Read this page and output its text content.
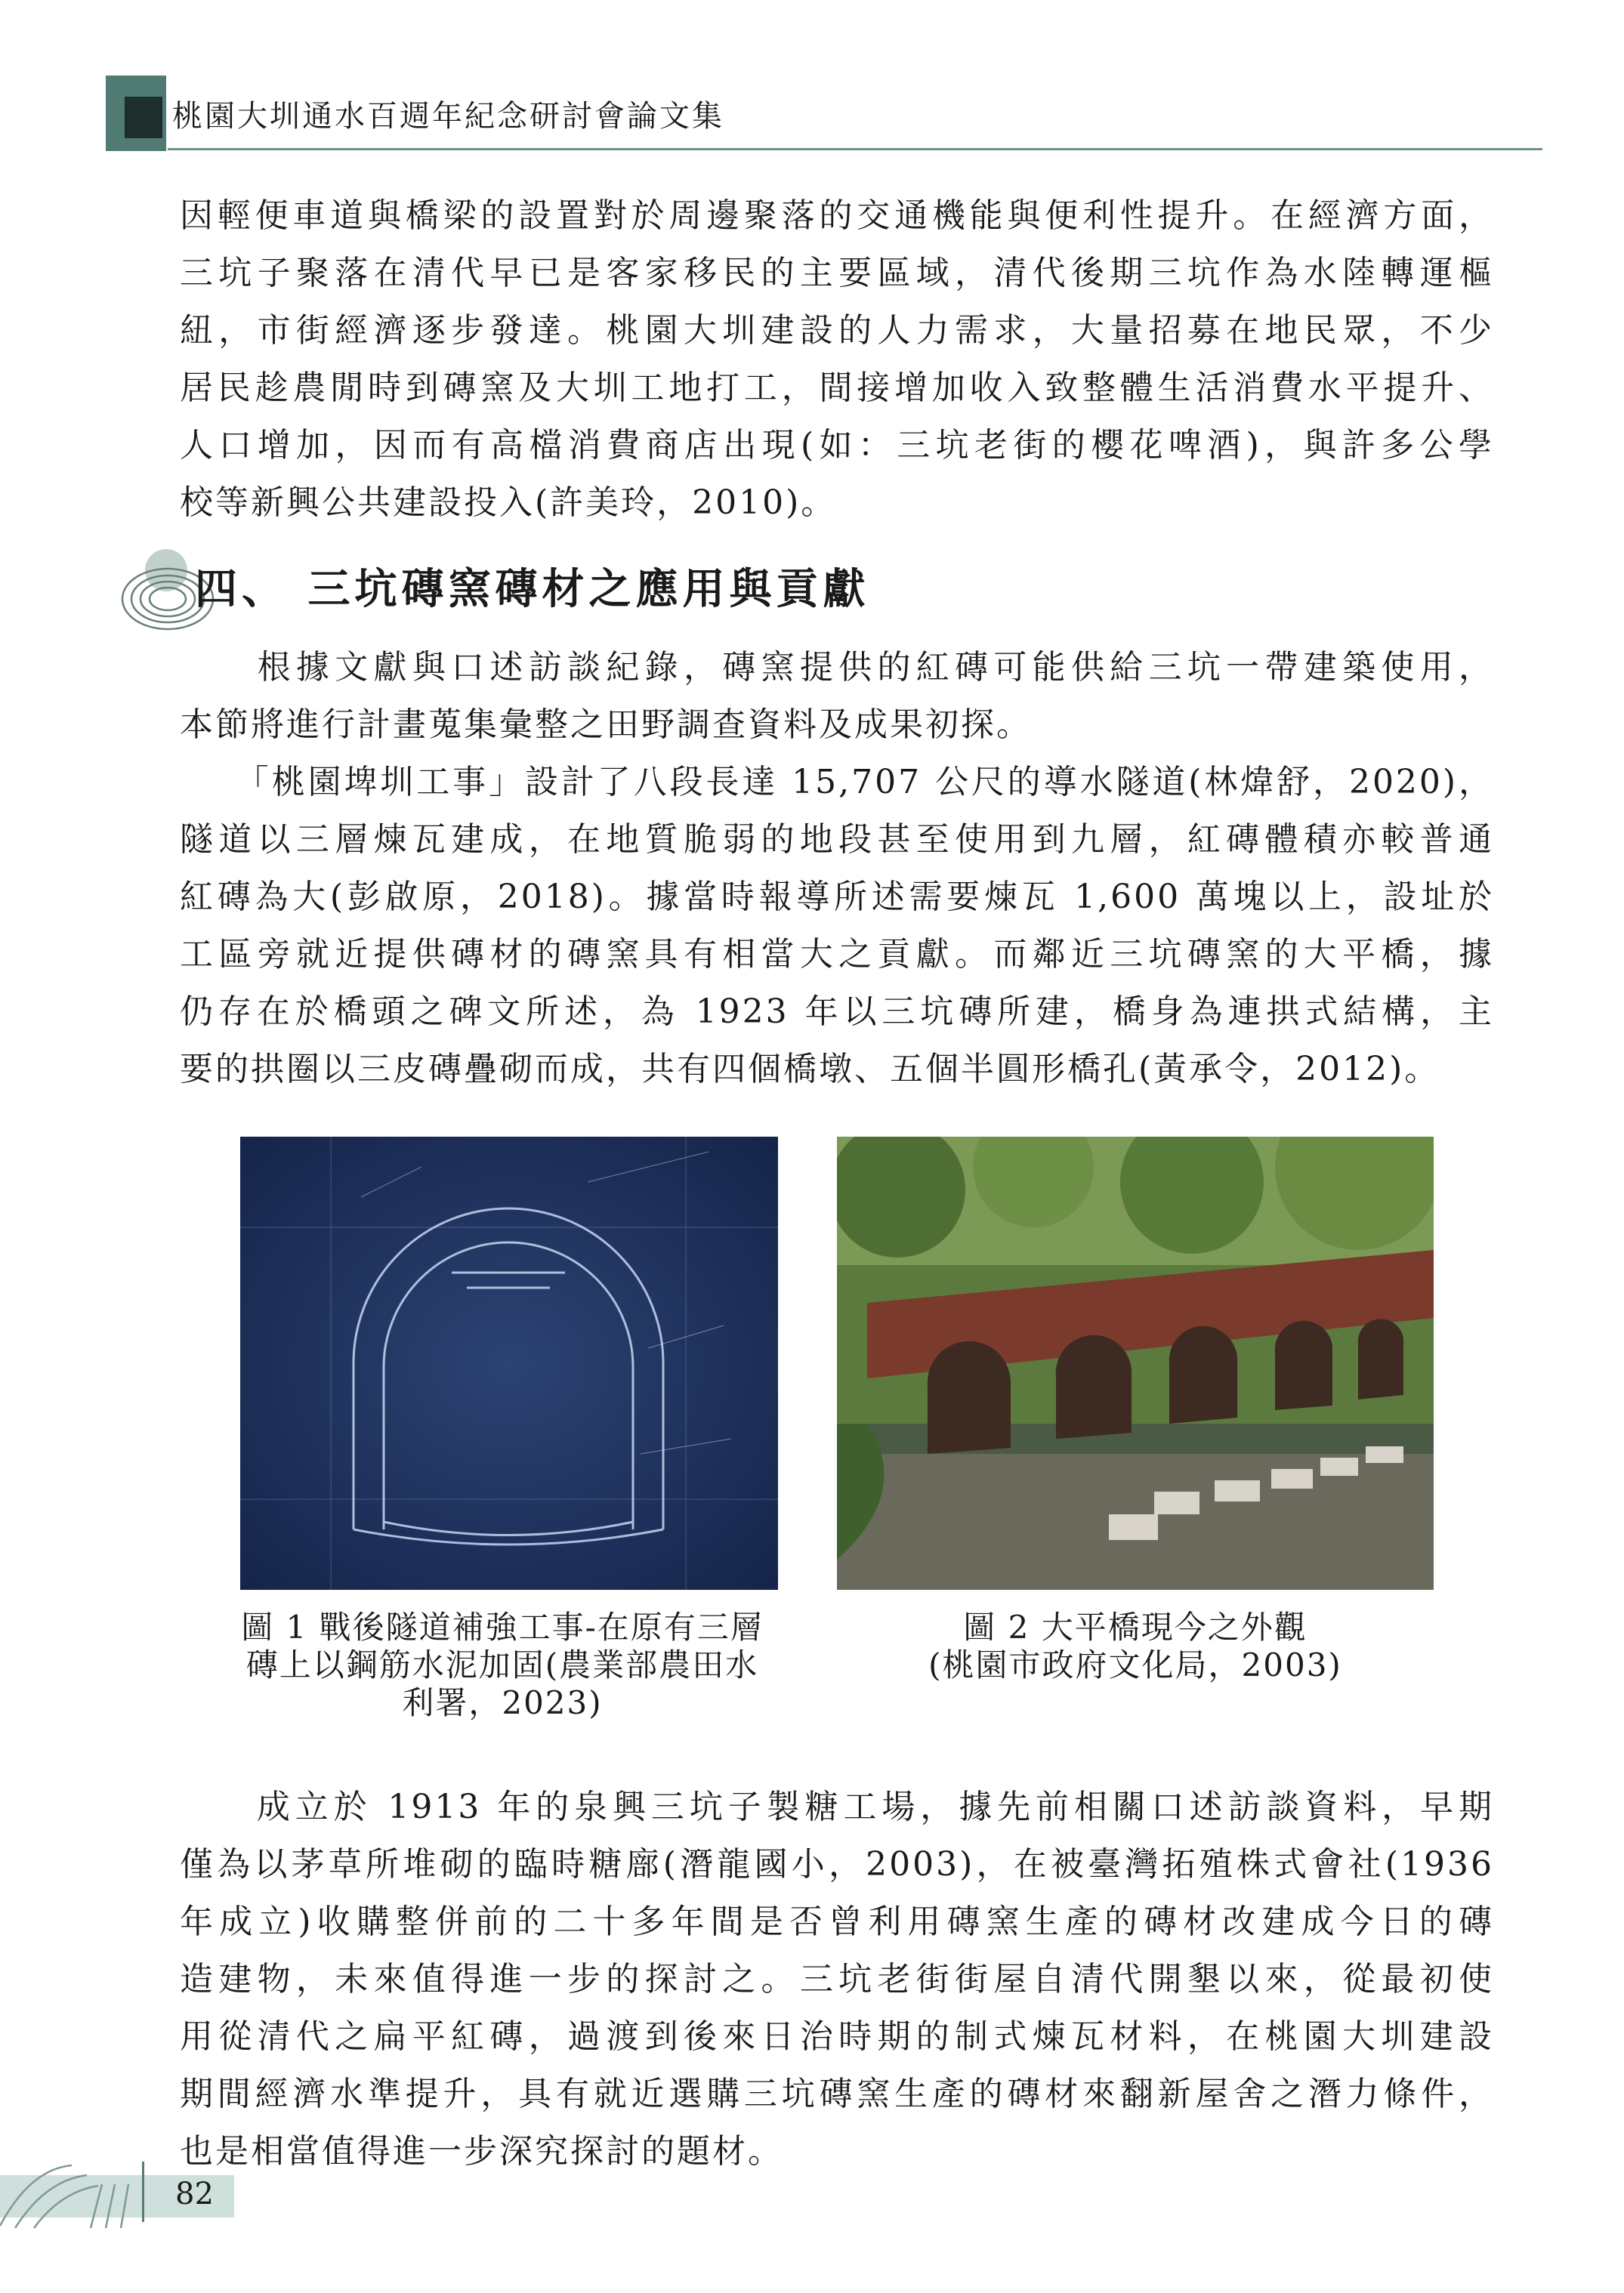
桃園大圳通水百週年紀念研討會論文集
因輕便車道與橋梁的設置對於周邊聚落的交通機能與便利性提升。在經濟方面，
三坑子聚落在清代早已是客家移民的主要區域，清代後期三坑作為水陸轉運樞
紐，市街經濟逐步發達。桃園大圳建設的人力需求，大量招募在地民眾，不少
居民趁農閒時到磚窯及大圳工地打工，間接增加收入致整體生活消費水平提升、
人口增加，因而有高檔消費商店出現(如：三坑老街的櫻花啤酒)，與許多公學
校等新興公共建設投入(許美玲，2010)。
四、 三坑磚窯磚材之應用與貢獻
　　根據文獻與口述訪談紀錄，磚窯提供的紅磚可能供給三坑一帶建築使用，
本節將進行計畫蒐集彙整之田野調查資料及成果初探。
　　「桃園埤圳工事」設計了八段長達 15,707 公尺的導水隧道(林煒舒，2020)，
隧道以三層煉瓦建成，在地質脆弱的地段甚至使用到九層，紅磚體積亦較普通
紅磚為大(彭啟原，2018)。據當時報導所述需要煉瓦 1,600 萬塊以上，設址於
工區旁就近提供磚材的磚窯具有相當大之貢獻。而鄰近三坑磚窯的大平橋，據
仍存在於橋頭之碑文所述，為 1923 年以三坑磚所建，橋身為連拱式結構，主
要的拱圈以三皮磚疊砌而成，共有四個橋墩、五個半圓形橋孔(黃承令，2012)。
圖 1 戰後隧道補強工事-在原有三層
磚上以鋼筋水泥加固(農業部農田水
利署，2023)
圖 2 大平橋現今之外觀
(桃園市政府文化局，2003)
　　成立於 1913 年的泉興三坑子製糖工場，據先前相關口述訪談資料，早期
僅為以茅草所堆砌的臨時糖廍(潛龍國小，2003)，在被臺灣拓殖株式會社(1936
年成立)收購整併前的二十多年間是否曾利用磚窯生產的磚材改建成今日的磚
造建物，未來值得進一步的探討之。三坑老街街屋自清代開墾以來，從最初使
用從清代之扁平紅磚，過渡到後來日治時期的制式煉瓦材料，在桃園大圳建設
期間經濟水準提升，具有就近選購三坑磚窯生產的磚材來翻新屋舍之潛力條件，
也是相當值得進一步深究探討的題材。
82
